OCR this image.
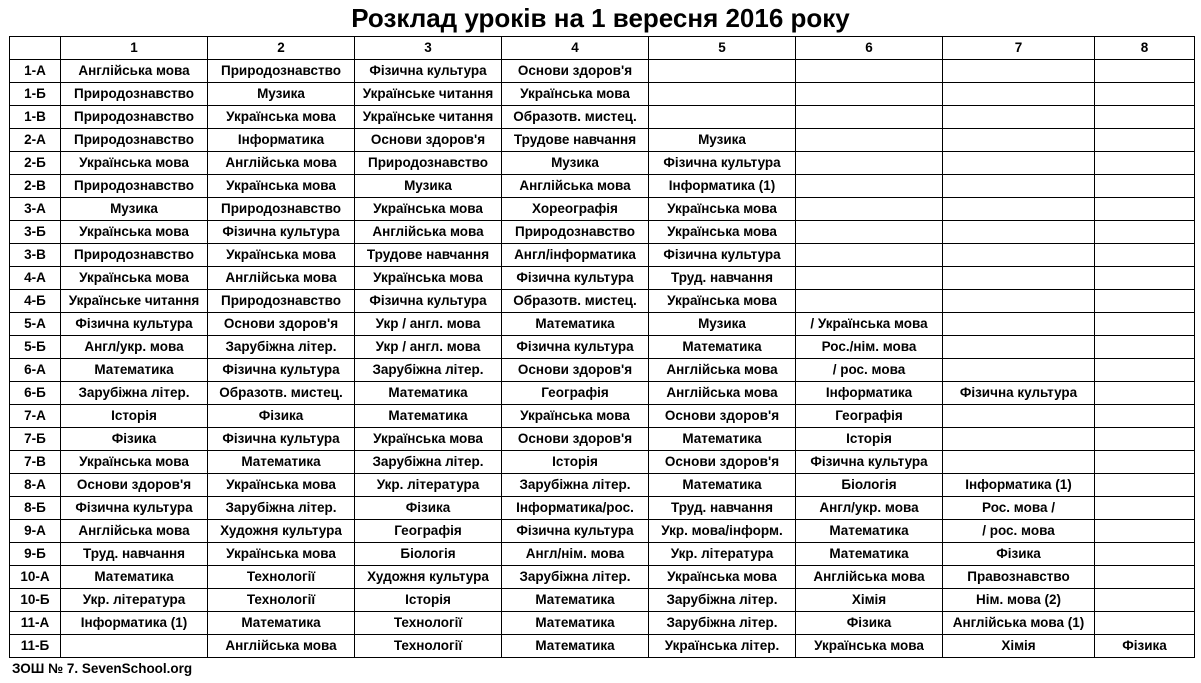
Розклад уроків на 1 вересня 2016 року
	1	2	3	4	5	6	7	8
1-А	Англійська мова	Природознавство	Фізична культура	Основи здоров'я				
1-Б	Природознавство	Музика	Українське читання	Українська мова				
1-В	Природознавство	Українська мова	Українське читання	Образотв. мистец.				
2-А	Природознавство	Інформатика	Основи здоров'я	Трудове навчання	Музика			
2-Б	Українська мова	Англійська мова	Природознавство	Музика	Фізична культура			
2-В	Природознавство	Українська мова	Музика	Англійська мова	Інформатика (1)			
3-А	Музика	Природознавство	Українська мова	Хореографія	Українська мова			
3-Б	Українська мова	Фізична культура	Англійська мова	Природознавство	Українська мова			
3-В	Природознавство	Українська мова	Трудове навчання	Англ/інформатика	Фізична культура			
4-А	Українська мова	Англійська мова	Українська мова	Фізична культура	Труд. навчання			
4-Б	Українське читання	Природознавство	Фізична культура	Образотв. мистец.	Українська мова			
5-А	Фізична культура	Основи здоров'я	Укр / англ. мова	Математика	Музика	/ Українська мова		
5-Б	Англ/укр. мова	Зарубіжна літер.	Укр / англ. мова	Фізична культура	Математика	Рос./нім. мова		
6-А	Математика	Фізична культура	Зарубіжна літер.	Основи здоров'я	Англійська мова	/ рос. мова		
6-Б	Зарубіжна літер.	Образотв. мистец.	Математика	Географія	Англійська мова	Інформатика	Фізична культура	
7-А	Історія	Фізика	Математика	Українська мова	Основи здоров'я	Географія		
7-Б	Фізика	Фізична культура	Українська мова	Основи здоров'я	Математика	Історія		
7-В	Українська мова	Математика	Зарубіжна літер.	Історія	Основи здоров'я	Фізична культура		
8-А	Основи здоров'я	Українська мова	Укр. література	Зарубіжна літер.	Математика	Біологія	Інформатика (1)	
8-Б	Фізична культура	Зарубіжна літер.	Фізика	Інформатика/рос.	Труд. навчання	Англ/укр. мова	Рос. мова /	
9-А	Англійська мова	Художня культура	Географія	Фізична культура	Укр. мова/інформ.	Математика	/ рос. мова	
9-Б	Труд. навчання	Українська мова	Біологія	Англ/нім. мова	Укр. література	Математика	Фізика	
10-А	Математика	Технології	Художня культура	Зарубіжна літер.	Українська мова	Англійська мова	Правознавство	
10-Б	Укр. література	Технології	Історія	Математика	Зарубіжна літер.	Хімія	Нім. мова (2)	
11-А	Інформатика (1)	Математика	Технології	Математика	Зарубіжна літер.	Фізика	Англійська мова (1)	
11-Б		Англійська мова	Технології	Математика	Українська літер.	Українська мова	Хімія	Фізика
ЗОШ № 7. SevenSchool.org
